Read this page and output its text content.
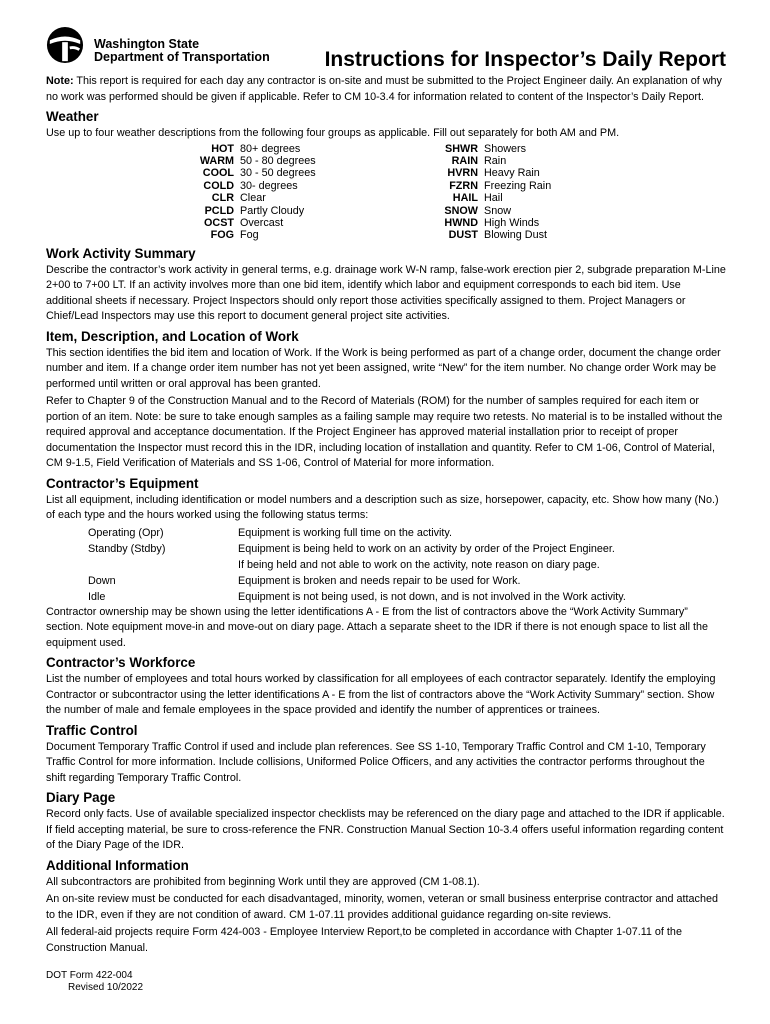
Washington State
Department of Transportation	Instructions for Inspector’s Daily Report

Note: This report is required for each day any contractor is on-site and must be submitted to the Project Engineer daily. An explanation of why no work was performed should be given if applicable. Refer to CM 10-3.4 for information related to content of the Inspector’s Daily Report.

Weather

Use up to four weather descriptions from the following four groups as applicable. Fill out separately for both AM and PM.

HOT 80+ degrees
WARM 50 - 80 degrees
COOL 30 - 50 degrees
COLD 30- degrees
CLR Clear
PCLD Partly Cloudy
OCST Overcast
FOG Fog
SHWR Showers
RAIN Rain
HVRN Heavy Rain
FZRN Freezing Rain
HAIL Hail
SNOW Snow
HWND High Winds
DUST Blowing Dust
Work Activity Summary

Describe the contractor’s work activity in general terms, e.g. drainage work W-N ramp, false-work erection pier 2, subgrade preparation M-Line 2+00 to 7+00 LT. If an activity involves more than one bid item, identify which labor and equipment corresponds to each bid item. Use additional sheets if necessary. Project Inspectors should only report those activities specifically assigned to them. Project Managers or Chief/Lead Inspectors may use this report to document general project site activities.

Item, Description, and Location of Work

This section identifies the bid item and location of Work. If the Work is being performed as part of a change order, document the change order number and item. If a change order item number has not yet been assigned, write “New” for the item number. No change order Work may be performed until written or oral approval has been granted.

Refer to Chapter 9 of the Construction Manual and to the Record of Materials (ROM) for the number of samples required for each item or portion of an item. Note: be sure to take enough samples as a failing sample may require two retests. No material is to be installed without the required approval and acceptance documentation. If the Project Engineer has approved material installation prior to receipt of proper documentation the Inspector must record this in the IDR, including location of installation and quantity. Refer to CM 1-06, Control of Material, CM 9-1.5, Field Verification of Materials and SS 1-06, Control of Material for more information.

Contractor’s Equipment

List all equipment, including identification or model numbers and a description such as size, horsepower, capacity, etc. Show how many (No.) of each type and the hours worked using the following status terms:

Operating (Opr)	Equipment is working full time on the activity.
Standby (Stdby)	Equipment is being held to work on an activity by order of the Project Engineer.
If being held and not able to work on the activity, note reason on diary page.
Down	Equipment is broken and needs repair to be used for Work.
Idle	Equipment is not being used, is not down, and is not involved in the Work activity.

Contractor ownership may be shown using the letter identifications A - E from the list of contractors above the “Work Activity Summary” section. Note equipment move-in and move-out on diary page. Attach a separate sheet to the IDR if there is not enough space to list all the equipment used.

Contractor’s Workforce

List the number of employees and total hours worked by classification for all employees of each contractor separately. Identify the employing Contractor or subcontractor using the letter identifications A - E from the list of contractors above the “Work Activity Summary” section. Show the number of male and female employees in the space provided and identify the number of apprentices or trainees.

Traffic Control

Document Temporary Traffic Control if used and include plan references. See SS 1-10, Temporary Traffic Control and CM 1-10, Temporary Traffic Control for more information. Include collisions, Uniformed Police Officers, and any activities the contractor performs throughout the shift regarding Temporary Traffic Control.

Diary Page

Record only facts. Use of available specialized inspector checklists may be referenced on the diary page and attached to the IDR if applicable. If field accepting material, be sure to cross-reference the FNR. Construction Manual Section 10-3.4 offers useful information regarding content of the Diary Page of the IDR.

Additional Information

All subcontractors are prohibited from beginning Work until they are approved (CM 1-08.1).

An on-site review must be conducted for each disadvantaged, minority, women, veteran or small business enterprise contractor and attached to the IDR, even if they are not condition of award. CM 1-07.11 provides additional guidance regarding on-site reviews.

All federal-aid projects require Form 424-003 - Employee Interview Report,to be completed in accordance with Chapter 1-07.11 of the Construction Manual.

DOT Form 422-004
Revised 10/2022
